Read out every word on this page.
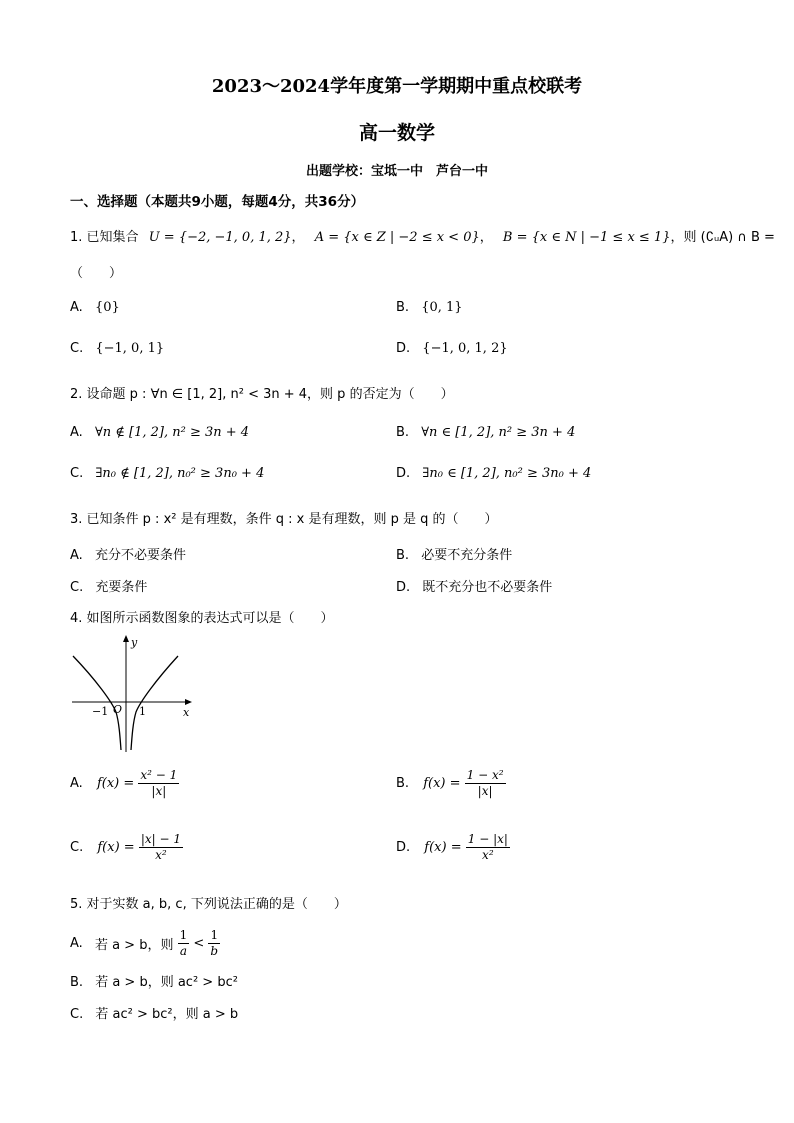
2023～2024学年度第一学期期中重点校联考
高一数学
出题学校：宝坻一中　芦台一中
一、选择题（本题共9小题，每题4分，共36分）
1. 已知集合 U = {−2, −1, 0, 1, 2}， A = {x ∈ Z | −2 ≤ x < 0}， B = {x ∈ N | −1 ≤ x ≤ 1}，则 (∁ᵤA) ∩ B =
（　　）
A. {0}	B. {0, 1}
C. {−1, 0, 1}	D. {−1, 0, 1, 2}
2. 设命题 p : ∀n ∈ [1, 2], n² < 3n + 4，则 p 的否定为（　　）
A. ∀n ∉ [1, 2], n² ≥ 3n + 4	B. ∀n ∈ [1, 2], n² ≥ 3n + 4
C. ∃n₀ ∉ [1, 2], n₀² ≥ 3n₀ + 4	D. ∃n₀ ∈ [1, 2], n₀² ≥ 3n₀ + 4
3. 已知条件 p : x² 是有理数，条件 q : x 是有理数，则 p 是 q 的（　　）
A. 充分不必要条件	B. 必要不充分条件
C. 充要条件	D. 既不充分也不必要条件
4. 如图所示函数图象的表达式可以是（　　）
y
x
O
−1	1
A. $f(x) = \frac{\text{x² − 1}}{|x|}$	B. $f(x) = \frac{\text{1 − x²}}{|x|}$
C. $f(x) = \frac{|x| - 1}{\text{x²}}$	D. $f(x) = \frac{1 - |x|}{\text{x²}}$
5. 对于实数 a, b, c, 下列说法正确的是（　　）
A. 若 a > b，则 $\frac{1}{a} < \frac{1}{b}$
B. 若 a > b，则 ac² > bc²
C. 若 ac² > bc²，则 a > b
